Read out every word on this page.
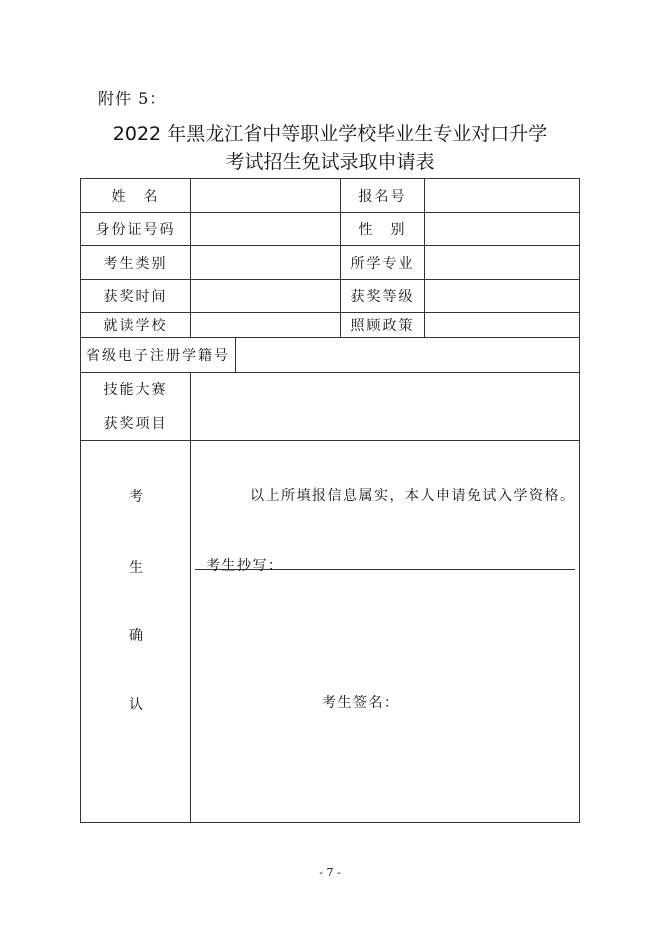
附件 5：
2022 年黑龙江省中等职业学校毕业生专业对口升学
考试招生免试录取申请表
姓　名	报名号
身份证号码	性　别
考生类别	所学专业
获奖时间	获奖等级
就读学校	照顾政策
省级电子注册学籍号
技能大赛
获奖项目
考
生
确
认
以上所填报信息属实，本人申请免试入学资格。
考生抄写：
考生签名：
- 7 -
